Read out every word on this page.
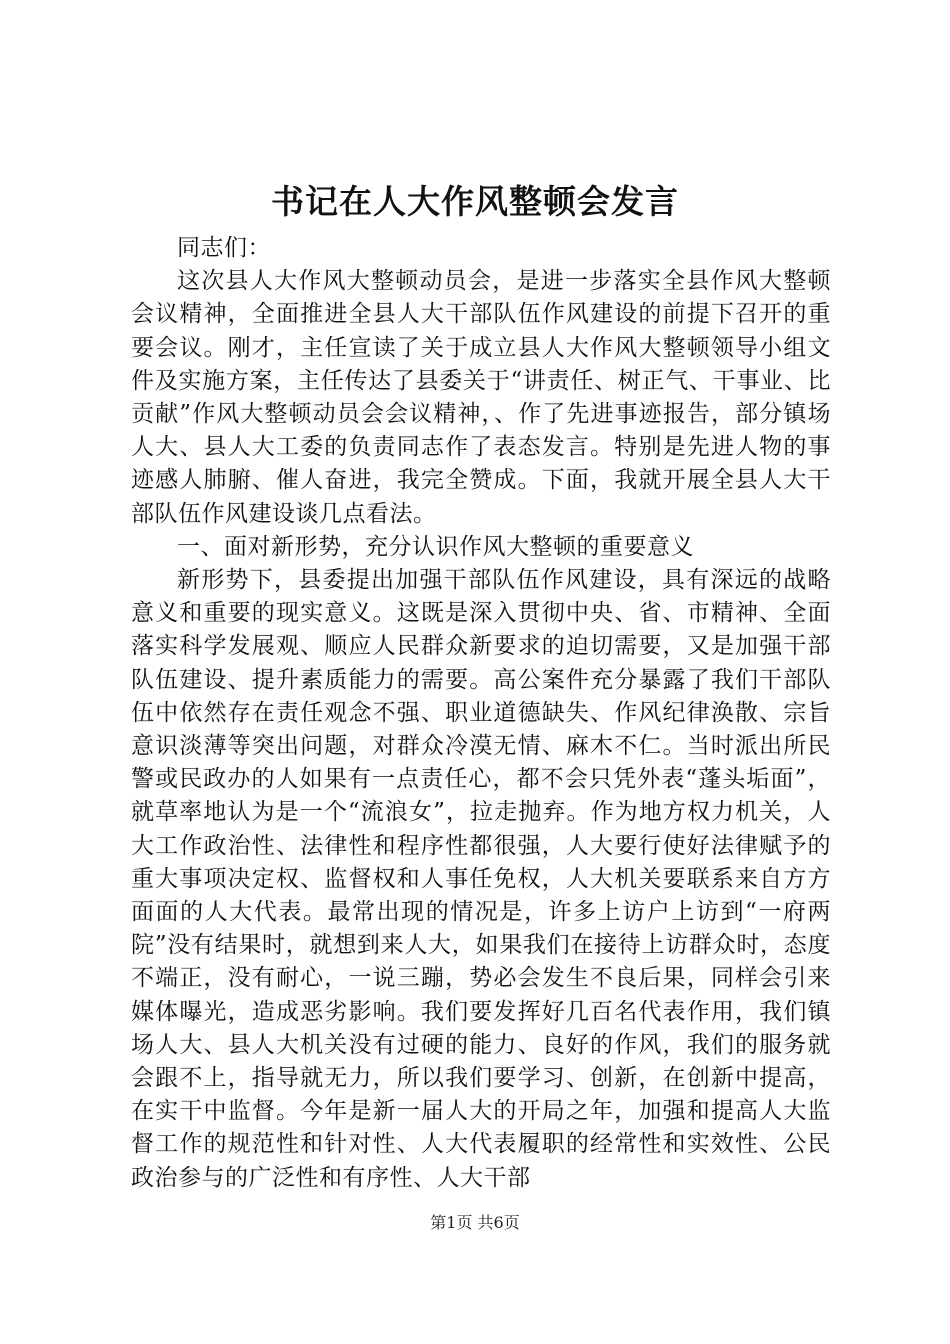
书记在人大作风整顿会发言

同志们：

这次县人大作风大整顿动员会，是进一步落实全县作风大整顿会议精神，全面推进全县人大干部队伍作风建设的前提下召开的重要会议。刚才，主任宣读了关于成立县人大作风大整顿领导小组文件及实施方案，主任传达了县委关于“讲责任、树正气、干事业、比贡献”作风大整顿动员会会议精神，、作了先进事迹报告，部分镇场人大、县人大工委的负责同志作了表态发言。特别是先进人物的事迹感人肺腑、催人奋进，我完全赞成。下面，我就开展全县人大干部队伍作风建设谈几点看法。

一、面对新形势，充分认识作风大整顿的重要意义

新形势下，县委提出加强干部队伍作风建设，具有深远的战略意义和重要的现实意义。这既是深入贯彻中央、省、市精神、全面落实科学发展观、顺应人民群众新要求的迫切需要，又是加强干部队伍建设、提升素质能力的需要。高公案件充分暴露了我们干部队伍中依然存在责任观念不强、职业道德缺失、作风纪律涣散、宗旨意识淡薄等突出问题，对群众冷漠无情、麻木不仁。当时派出所民警或民政办的人如果有一点责任心，都不会只凭外表“蓬头垢面”，就草率地认为是一个“流浪女”，拉走抛弃。作为地方权力机关，人大工作政治性、法律性和程序性都很强，人大要行使好法律赋予的重大事项决定权、监督权和人事任免权，人大机关要联系来自方方面面的人大代表。最常出现的情况是，许多上访户上访到“一府两院”没有结果时，就想到来人大，如果我们在接待上访群众时，态度不端正，没有耐心，一说三蹦，势必会发生不良后果，同样会引来媒体曝光，造成恶劣影响。我们要发挥好几百名代表作用，我们镇场人大、县人大机关没有过硬的能力、良好的作风，我们的服务就会跟不上，指导就无力，所以我们要学习、创新，在创新中提高，在实干中监督。今年是新一届人大的开局之年，加强和提高人大监督工作的规范性和针对性、人大代表履职的经常性和实效性、公民政治参与的广泛性和有序性、人大干部

第1页 共6页
